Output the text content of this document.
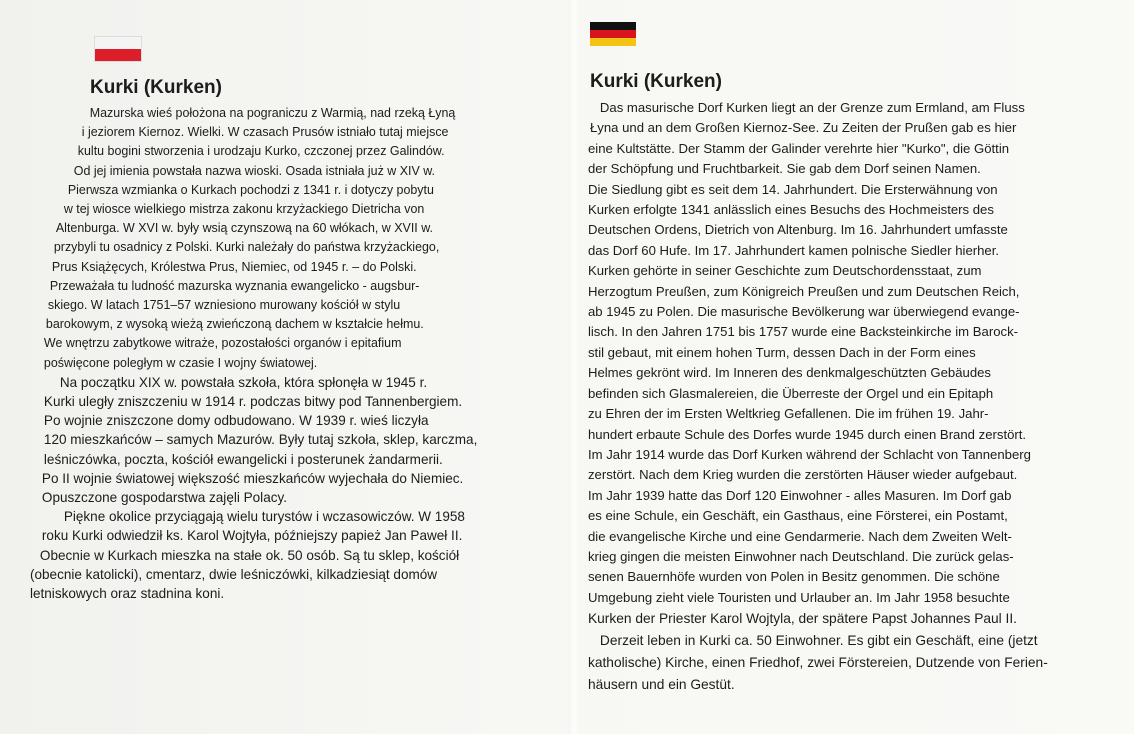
Kurki (Kurken)
Mazurska wieś położona na pograniczu z Warmią, nad rzeką Łyną
i jeziorem Kiernoz. Wielki. W czasach Prusów istniało tutaj miejsce
kultu bogini stworzenia i urodzaju Kurko, czczonej przez Galindów.
Od jej imienia powstała nazwa wioski. Osada istniała już w XIV w.
Pierwsza wzmianka o Kurkach pochodzi z 1341 r. i dotyczy pobytu
w tej wiosce wielkiego mistrza zakonu krzyżackiego Dietricha von
Altenburga. W XVI w. były wsią czynszową na 60 włókach, w XVII w.
przybyli tu osadnicy z Polski. Kurki należały do państwa krzyżackiego,
Prus Książęcych, Królestwa Prus, Niemiec, od 1945 r. – do Polski.
Przeważała tu ludność mazurska wyznania ewangelicko - augsbur-
skiego. W latach 1751–57 wzniesiono murowany kościół w stylu
barokowym, z wysoką wieżą zwieńczoną dachem w kształcie hełmu.
We wnętrzu zabytkowe witraże, pozostałości organów i epitafium
poświęcone poległym w czasie I wojny światowej.
Na początku XIX w. powstała szkoła, która spłonęła w 1945 r.
Kurki uległy zniszczeniu w 1914 r. podczas bitwy pod Tannenbergiem.
Po wojnie zniszczone domy odbudowano. W 1939 r. wieś liczyła
120 mieszkańców – samych Mazurów. Były tutaj szkoła, sklep, karczma,
leśniczówka, poczta, kościół ewangelicki i posterunek żandarmerii.
Po II wojnie światowej większość mieszkańców wyjechała do Niemiec.
Opuszczone gospodarstwa zajęli Polacy.
Piękne okolice przyciągają wielu turystów i wczasowiczów. W 1958
roku Kurki odwiedził ks. Karol Wojtyła, późniejszy papież Jan Paweł II.
Obecnie w Kurkach mieszka na stałe ok. 50 osób. Są tu sklep, kościół
(obecnie katolicki), cmentarz, dwie leśniczówki, kilkadziesiąt domów
letniskowych oraz stadnina koni.
Kurki (Kurken)
Das masurische Dorf Kurken liegt an der Grenze zum Ermland, am Fluss
Łyna und an dem Großen Kiernoz-See. Zu Zeiten der Prußen gab es hier
eine Kultstätte. Der Stamm der Galinder verehrte hier "Kurko", die Göttin
der Schöpfung und Fruchtbarkeit. Sie gab dem Dorf seinen Namen.
Die Siedlung gibt es seit dem 14. Jahrhundert. Die Ersterwähnung von
Kurken erfolgte 1341 anlässlich eines Besuchs des Hochmeisters des
Deutschen Ordens, Dietrich von Altenburg. Im 16. Jahrhundert umfasste
das Dorf 60 Hufe. Im 17. Jahrhundert kamen polnische Siedler hierher.
Kurken gehörte in seiner Geschichte zum Deutschordensstaat, zum
Herzogtum Preußen, zum Königreich Preußen und zum Deutschen Reich,
ab 1945 zu Polen. Die masurische Bevölkerung war überwiegend evange-
lisch. In den Jahren 1751 bis 1757 wurde eine Backsteinkirche im Barock-
stil gebaut, mit einem hohen Turm, dessen Dach in der Form eines
Helmes gekrönt wird. Im Inneren des denkmalgeschützten Gebäudes
befinden sich Glasmalereien, die Überreste der Orgel und ein Epitaph
zu Ehren der im Ersten Weltkrieg Gefallenen. Die im frühen 19. Jahr-
hundert erbaute Schule des Dorfes wurde 1945 durch einen Brand zerstört.
Im Jahr 1914 wurde das Dorf Kurken während der Schlacht von Tannenberg
zerstört. Nach dem Krieg wurden die zerstörten Häuser wieder aufgebaut.
Im Jahr 1939 hatte das Dorf 120 Einwohner - alles Masuren. Im Dorf gab
es eine Schule, ein Geschäft, ein Gasthaus, eine Försterei, ein Postamt,
die evangelische Kirche und eine Gendarmerie. Nach dem Zweiten Welt-
krieg gingen die meisten Einwohner nach Deutschland. Die zurück gelas-
senen Bauernhöfe wurden von Polen in Besitz genommen. Die schöne
Umgebung zieht viele Touristen und Urlauber an. Im Jahr 1958 besuchte
Kurken der Priester Karol Wojtyla, der spätere Papst Johannes Paul II.
Derzeit leben in Kurki ca. 50 Einwohner. Es gibt ein Geschäft, eine (jetzt
katholische) Kirche, einen Friedhof, zwei Förstereien, Dutzende von Ferien-
häusern und ein Gestüt.
